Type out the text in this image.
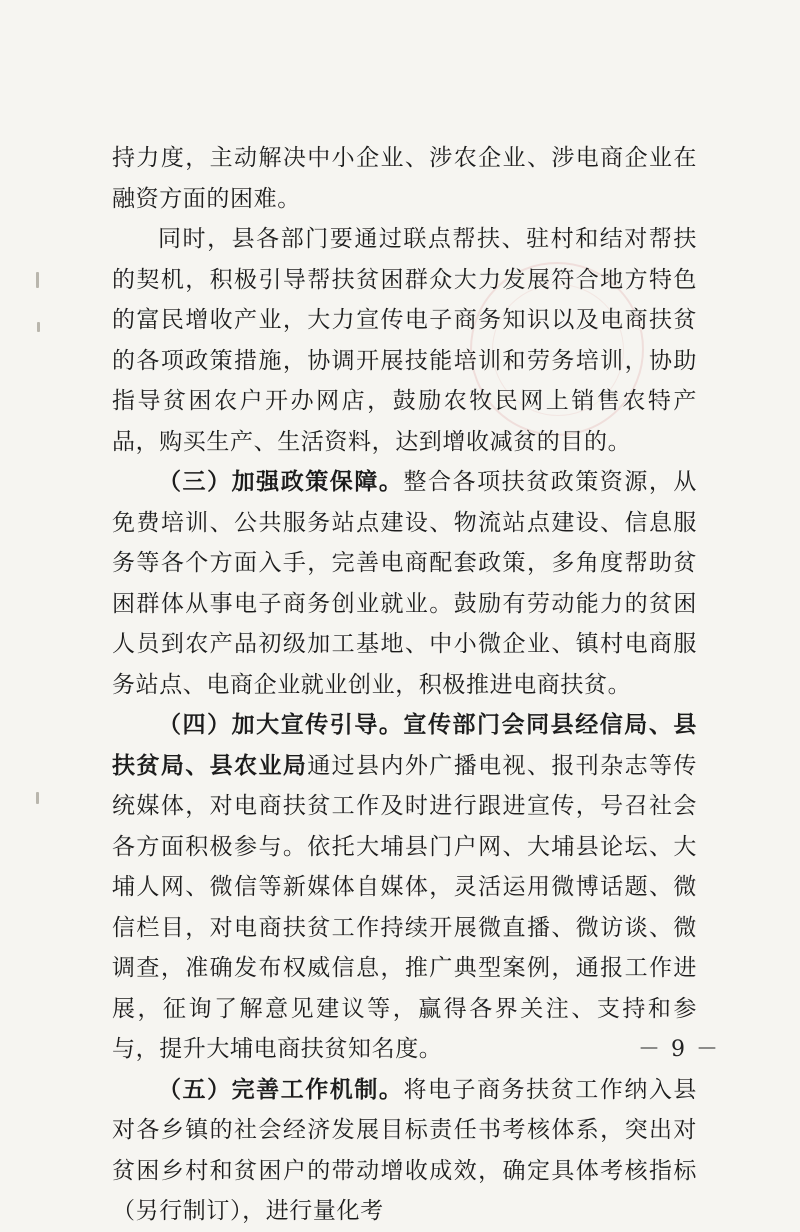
持力度，主动解决中小企业、涉农企业、涉电商企业在融资方面的困难。

同时，县各部门要通过联点帮扶、驻村和结对帮扶的契机，积极引导帮扶贫困群众大力发展符合地方特色的富民增收产业，大力宣传电子商务知识以及电商扶贫的各项政策措施，协调开展技能培训和劳务培训，协助指导贫困农户开办网店，鼓励农牧民网上销售农特产品，购买生产、生活资料，达到增收减贫的目的。

（三）加强政策保障。整合各项扶贫政策资源，从免费培训、公共服务站点建设、物流站点建设、信息服务等各个方面入手，完善电商配套政策，多角度帮助贫困群体从事电子商务创业就业。鼓励有劳动能力的贫困人员到农产品初级加工基地、中小微企业、镇村电商服务站点、电商企业就业创业，积极推进电商扶贫。

（四）加大宣传引导。宣传部门会同县经信局、县扶贫局、县农业局通过县内外广播电视、报刊杂志等传统媒体，对电商扶贫工作及时进行跟进宣传，号召社会各方面积极参与。依托大埔县门户网、大埔县论坛、大埔人网、微信等新媒体自媒体，灵活运用微博话题、微信栏目，对电商扶贫工作持续开展微直播、微访谈、微调查，准确发布权威信息，推广典型案例，通报工作进展，征询了解意见建议等，赢得各界关注、支持和参与，提升大埔电商扶贫知名度。

（五）完善工作机制。将电子商务扶贫工作纳入县对各乡镇的社会经济发展目标责任书考核体系，突出对贫困乡村和贫困户的带动增收成效，确定具体考核指标（另行制订），进行量化考

－ 9 －
